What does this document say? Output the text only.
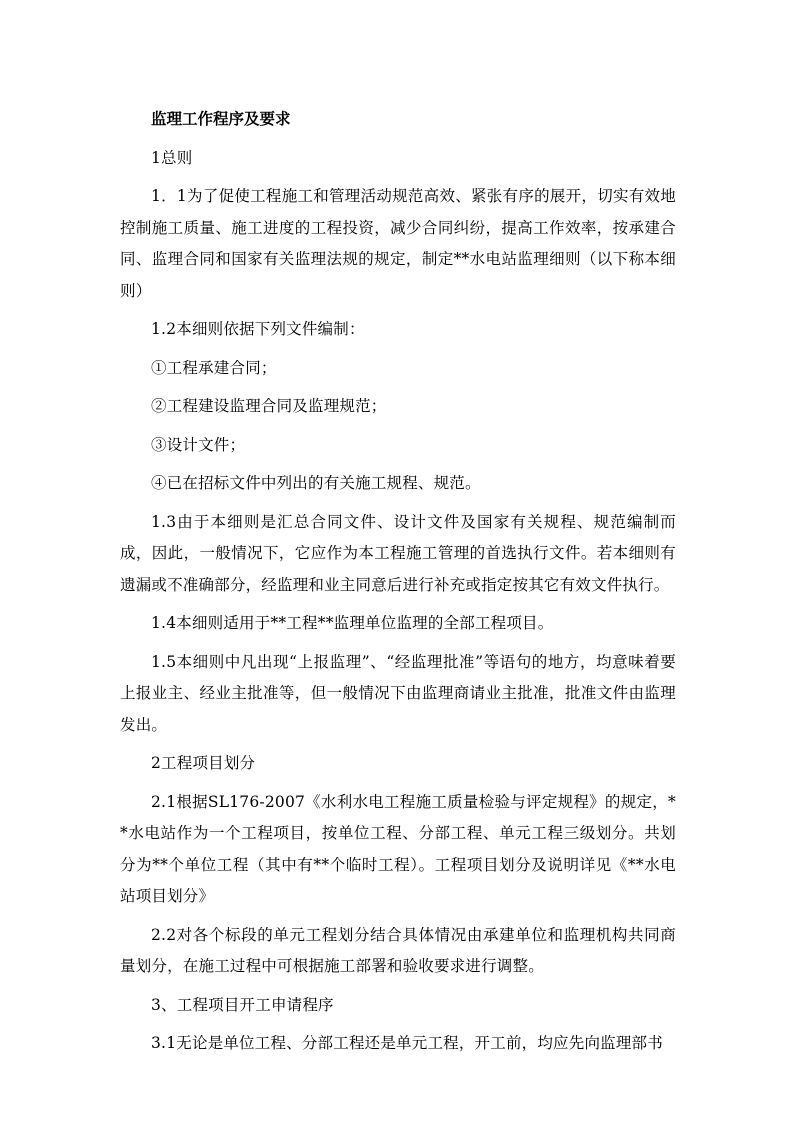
监理工作程序及要求

1总则

1．1为了促使工程施工和管理活动规范高效、紧张有序的展开，切实有效地控制施工质量、施工进度的工程投资，减少合同纠纷，提高工作效率，按承建合同、监理合同和国家有关监理法规的规定，制定**水电站监理细则（以下称本细则）

1.2本细则依据下列文件编制：

①工程承建合同；

②工程建设监理合同及监理规范；

③设计文件；

④已在招标文件中列出的有关施工规程、规范。

1.3由于本细则是汇总合同文件、设计文件及国家有关规程、规范编制而成，因此，一般情况下，它应作为本工程施工管理的首选执行文件。若本细则有遗漏或不准确部分，经监理和业主同意后进行补充或指定按其它有效文件执行。

1.4本细则适用于**工程**监理单位监理的全部工程项目。

1.5本细则中凡出现“上报监理”、“经监理批准”等语句的地方，均意味着要上报业主、经业主批准等，但一般情况下由监理商请业主批准，批准文件由监理发出。

2工程项目划分

2.1根据SL176-2007《水利水电工程施工质量检验与评定规程》的规定，**水电站作为一个工程项目，按单位工程、分部工程、单元工程三级划分。共划分为**个单位工程（其中有**个临时工程）。工程项目划分及说明详见《**水电站项目划分》

2.2对各个标段的单元工程划分结合具体情况由承建单位和监理机构共同商量划分，在施工过程中可根据施工部署和验收要求进行调整。

3、工程项目开工申请程序

3.1无论是单位工程、分部工程还是单元工程，开工前，均应先向监理部书
